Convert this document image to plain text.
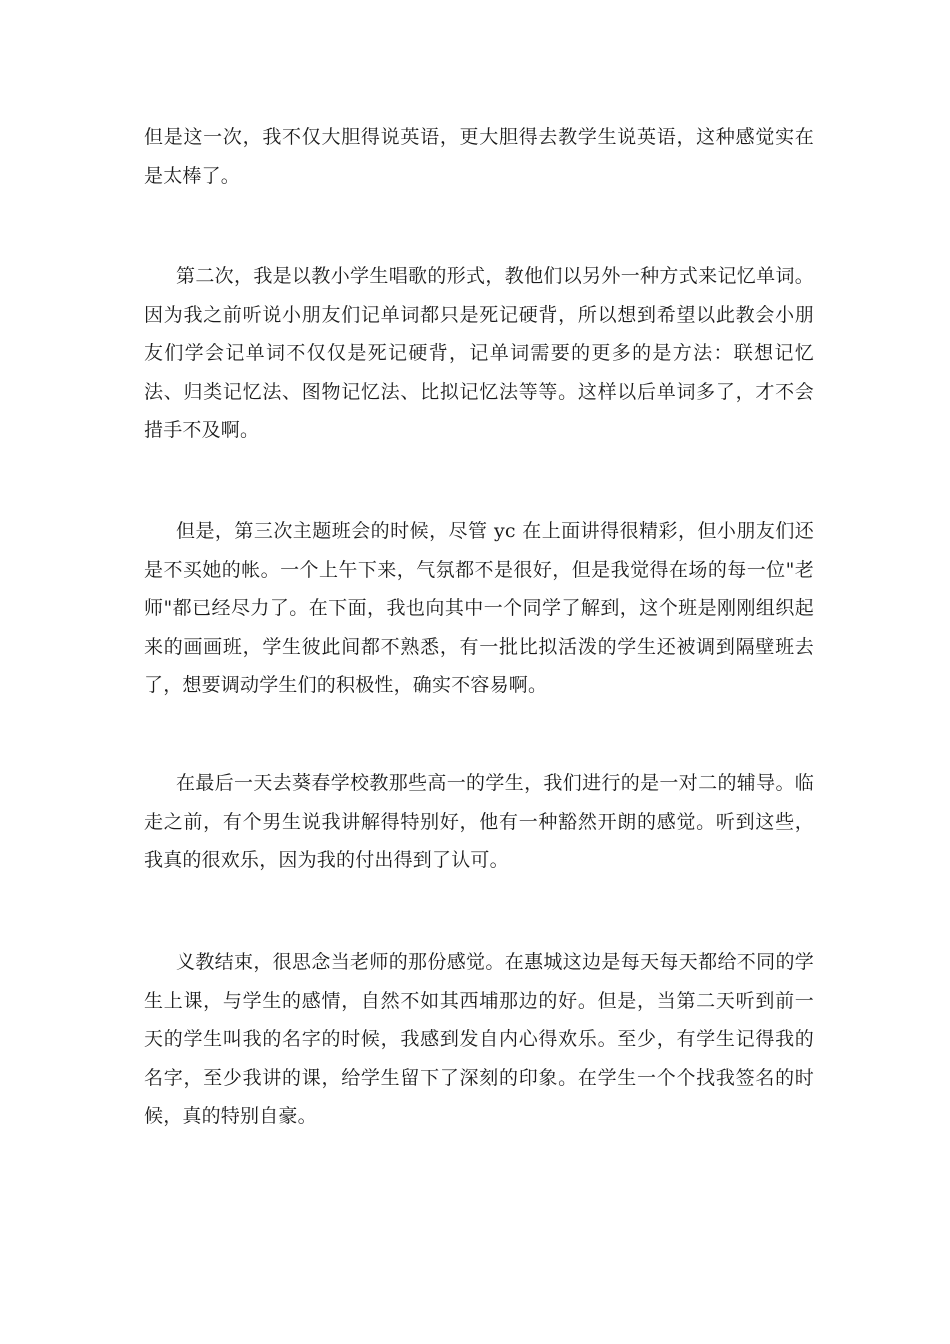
但是这一次，我不仅大胆得说英语，更大胆得去教学生说英语，这种感觉实在是太棒了。

第二次，我是以教小学生唱歌的形式，教他们以另外一种方式来记忆单词。因为我之前听说小朋友们记单词都只是死记硬背，所以想到希望以此教会小朋友们学会记单词不仅仅是死记硬背，记单词需要的更多的是方法：联想记忆法、归类记忆法、图物记忆法、比拟记忆法等等。这样以后单词多了，才不会措手不及啊。

但是，第三次主题班会的时候，尽管 yc 在上面讲得很精彩，但小朋友们还是不买她的帐。一个上午下来，气氛都不是很好，但是我觉得在场的每一位"老师"都已经尽力了。在下面，我也向其中一个同学了解到，这个班是刚刚组织起来的画画班，学生彼此间都不熟悉，有一批比拟活泼的学生还被调到隔壁班去了，想要调动学生们的积极性，确实不容易啊。

在最后一天去葵春学校教那些高一的学生，我们进行的是一对二的辅导。临走之前，有个男生说我讲解得特别好，他有一种豁然开朗的感觉。听到这些，我真的很欢乐，因为我的付出得到了认可。

义教结束，很思念当老师的那份感觉。在惠城这边是每天每天都给不同的学生上课，与学生的感情，自然不如其西埔那边的好。但是，当第二天听到前一天的学生叫我的名字的时候，我感到发自内心得欢乐。至少，有学生记得我的名字，至少我讲的课，给学生留下了深刻的印象。在学生一个个找我签名的时候，真的特别自豪。
